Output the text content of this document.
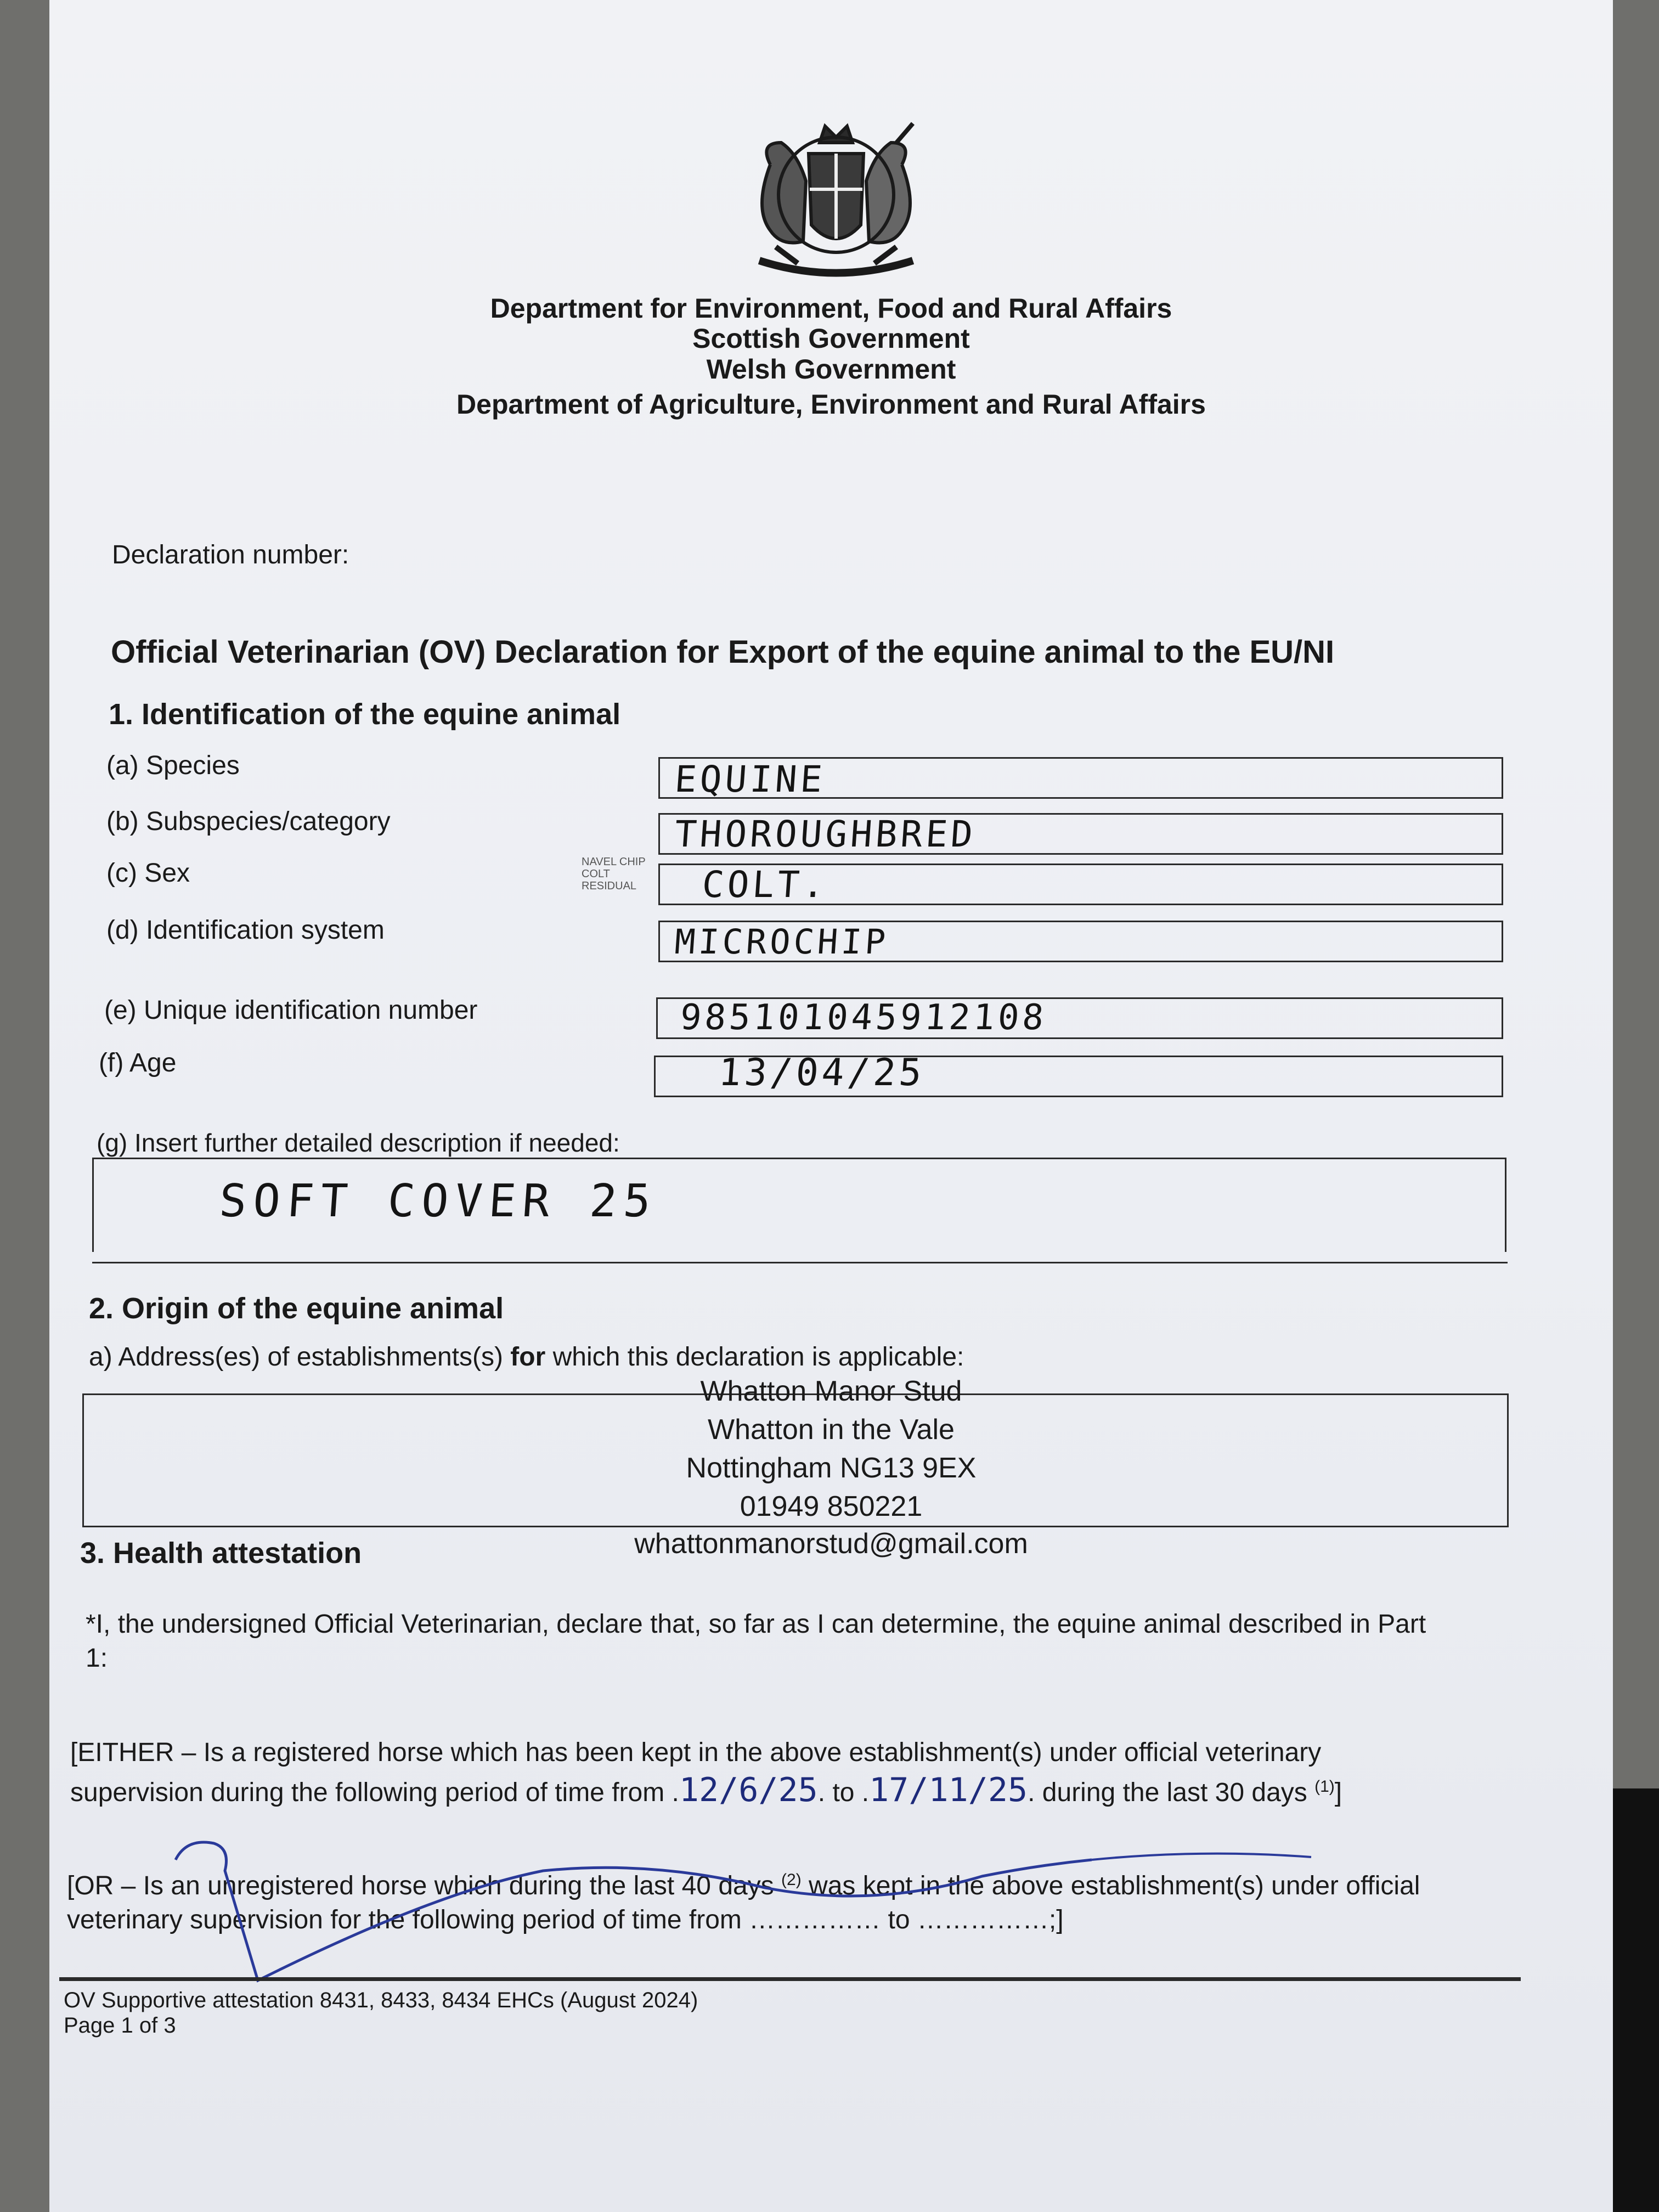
Department for Environment, Food and Rural Affairs
Scottish Government
Welsh Government
Department of Agriculture, Environment and Rural Affairs
Declaration number:
Official Veterinarian (OV) Declaration for Export of the equine animal to the EU/NI
1. Identification of the equine animal
(a) Species	EQUINE
(b) Subspecies/category	THOROUGHBRED
(c) Sex	COLT.
NAVEL CHIP
COLT
RESIDUAL
(d) Identification system	MICROCHIP
(e) Unique identification number	985101045912108
(f) Age	13/04/25
(g) Insert further detailed description if needed:
SOFT COVER 25
2. Origin of the equine animal
a) Address(es) of establishments(s) for which this declaration is applicable:
Whatton Manor Stud
Whatton in the Vale
Nottingham NG13 9EX
01949 850221
whattonmanorstud@gmail.com
3. Health attestation
*I, the undersigned Official Veterinarian, declare that, so far as I can determine, the equine animal described in Part
1:
[EITHER – Is a registered horse which has been kept in the above establishment(s) under official veterinary
supervision during the following period of time from .12/6/25. to .17/11/25. during the last 30 days $^{(1)}$]
[OR – Is an unregistered horse which during the last 40 days $^{(2)}$ was kept in the above establishment(s) under official
veterinary supervision for the following period of time from …………… to ……………;]
OV Supportive attestation 8431, 8433, 8434 EHCs (August 2024)
Page 1 of 3
